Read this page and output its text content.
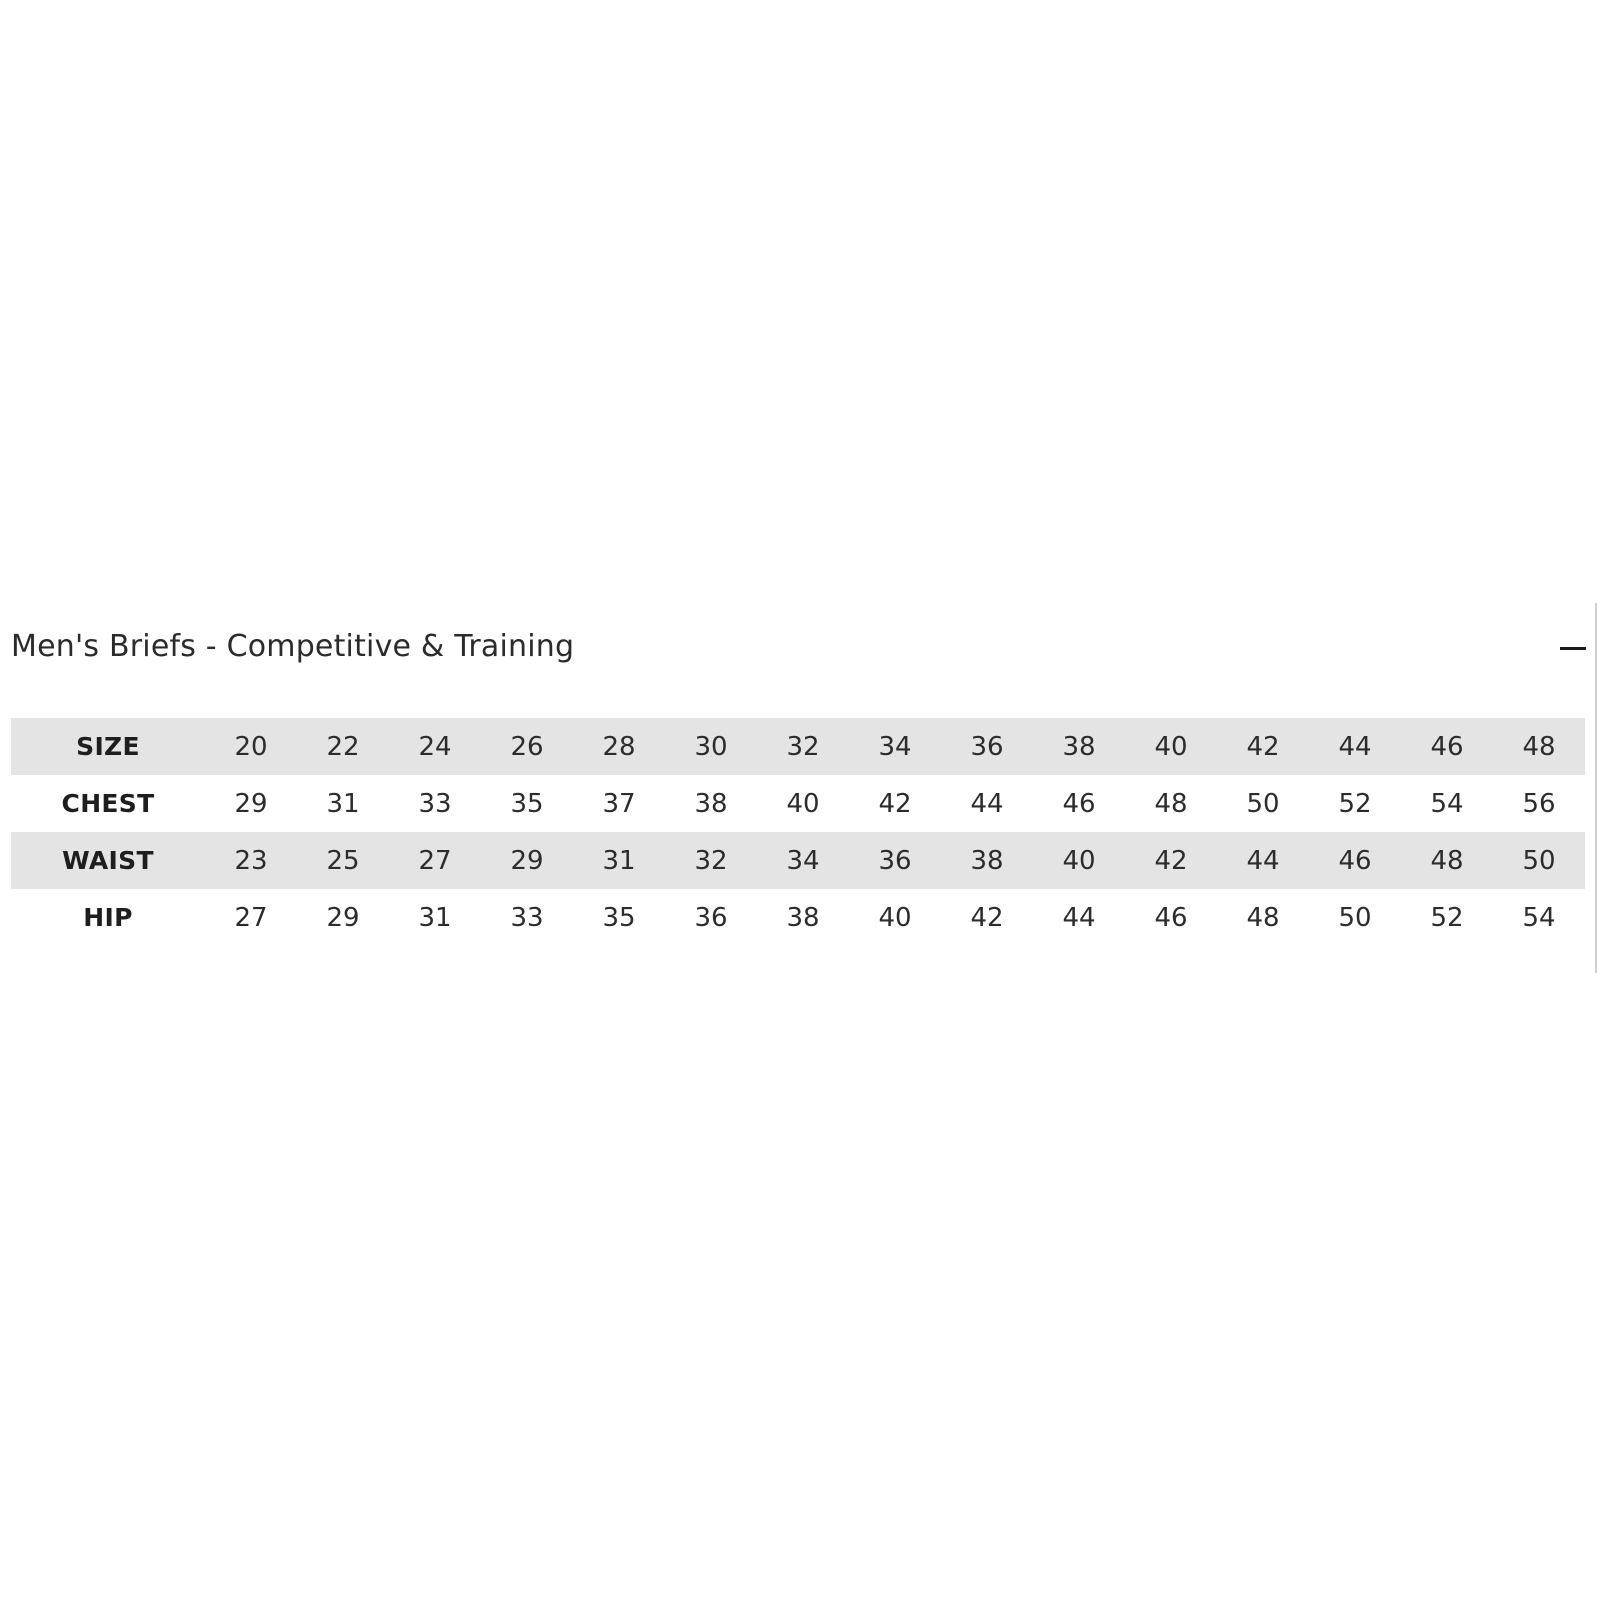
Men's Briefs - Competitive & Training
SIZE	20	22	24	26	28	30	32	34	36	38	40	42	44	46	48
CHEST	29	31	33	35	37	38	40	42	44	46	48	50	52	54	56
WAIST	23	25	27	29	31	32	34	36	38	40	42	44	46	48	50
HIP	27	29	31	33	35	36	38	40	42	44	46	48	50	52	54
